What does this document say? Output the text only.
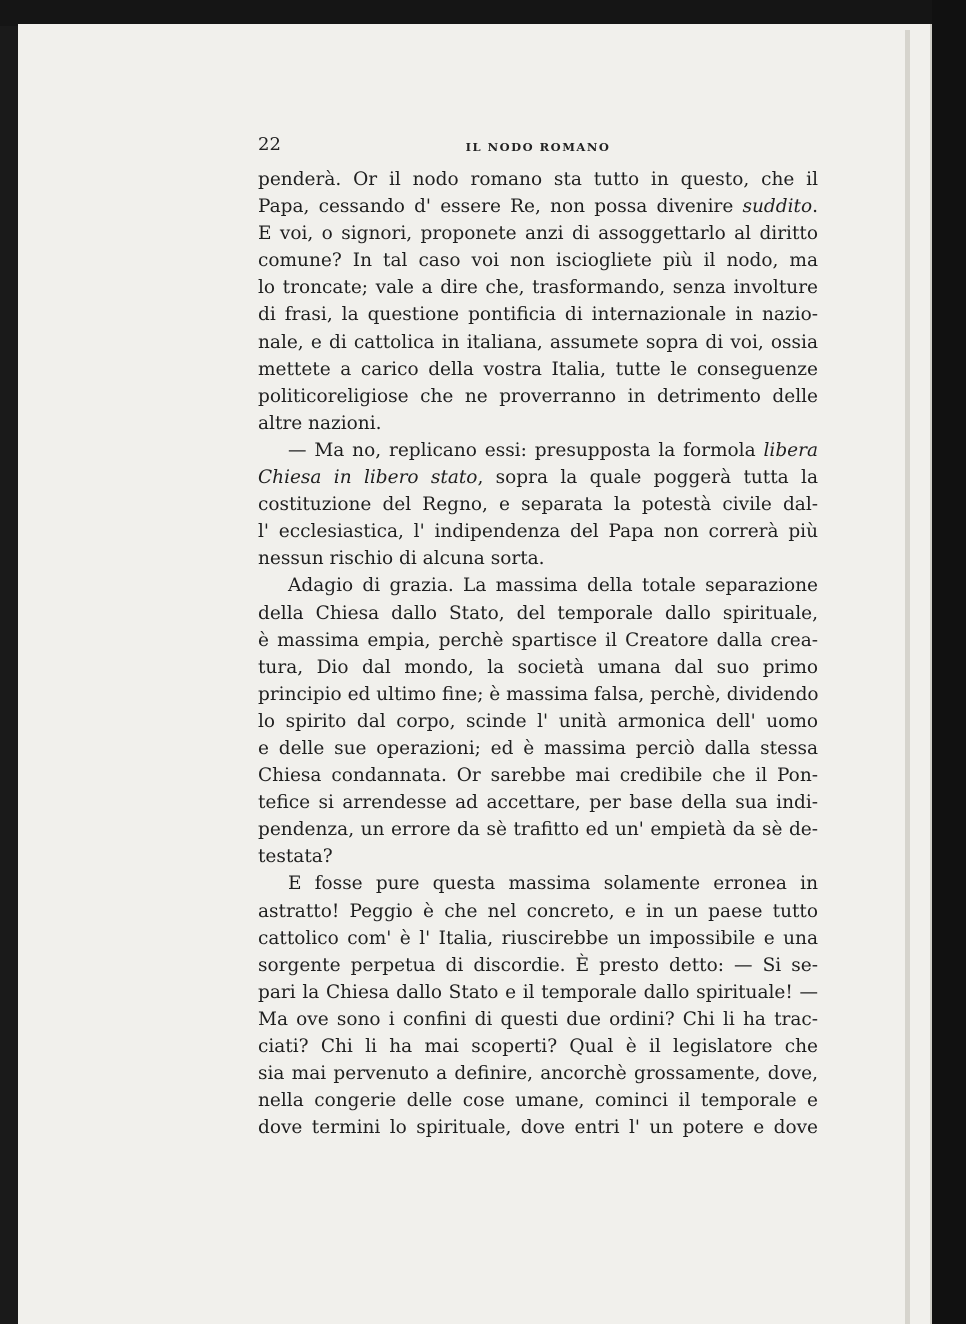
22	IL NODO ROMANO
penderà. Or il nodo romano sta tutto in questo, che il
Papa, cessando d' essere Re, non possa divenire suddito.
E voi, o signori, proponete anzi di assoggettarlo al diritto
comune? In tal caso voi non isciogliete più il nodo, ma
lo troncate; vale a dire che, trasformando, senza involture
di frasi, la questione pontificia di internazionale in nazio-
nale, e di cattolica in italiana, assumete sopra di voi, ossia
mettete a carico della vostra Italia, tutte le conseguenze
politicoreligiose che ne proverranno in detrimento delle
altre nazioni.
— Ma no, replicano essi: presupposta la formola libera
Chiesa in libero stato, sopra la quale poggerà tutta la
costituzione del Regno, e separata la potestà civile dal-
l' ecclesiastica, l' indipendenza del Papa non correrà più
nessun rischio di alcuna sorta.
Adagio di grazia. La massima della totale separazione
della Chiesa dallo Stato, del temporale dallo spirituale,
è massima empia, perchè spartisce il Creatore dalla crea-
tura, Dio dal mondo, la società umana dal suo primo
principio ed ultimo fine; è massima falsa, perchè, dividendo
lo spirito dal corpo, scinde l' unità armonica dell' uomo
e delle sue operazioni; ed è massima perciò dalla stessa
Chiesa condannata. Or sarebbe mai credibile che il Pon-
tefice si arrendesse ad accettare, per base della sua indi-
pendenza, un errore da sè trafitto ed un' empietà da sè de-
testata?
E fosse pure questa massima solamente erronea in
astratto! Peggio è che nel concreto, e in un paese tutto
cattolico com' è l' Italia, riuscirebbe un impossibile e una
sorgente perpetua di discordie. È presto detto: — Si se-
pari la Chiesa dallo Stato e il temporale dallo spirituale! —
Ma ove sono i confini di questi due ordini? Chi li ha trac-
ciati? Chi li ha mai scoperti? Qual è il legislatore che
sia mai pervenuto a definire, ancorchè grossamente, dove,
nella congerie delle cose umane, cominci il temporale e
dove termini lo spirituale, dove entri l' un potere e dove
